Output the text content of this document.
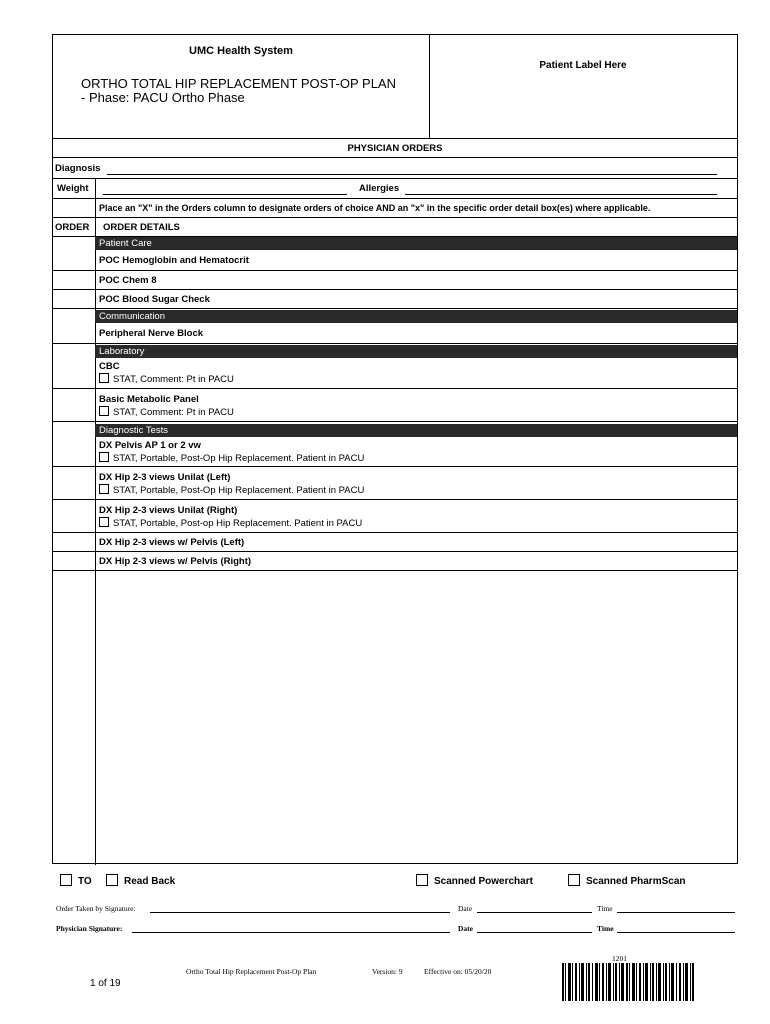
UMC Health System
ORTHO TOTAL HIP REPLACEMENT POST-OP PLAN
- Phase: PACU Ortho Phase
Patient Label Here
PHYSICIAN ORDERS
Diagnosis
Weight	Allergies
Place an "X" in the Orders column to designate orders of choice AND an "x" in the specific order detail box(es) where applicable.
ORDER ORDER DETAILS
Patient Care
POC Hemoglobin and Hematocrit
POC Chem 8
POC Blood Sugar Check
Communication
Peripheral Nerve Block
Laboratory
CBC
STAT, Comment: Pt in PACU
Basic Metabolic Panel
STAT, Comment: Pt in PACU
Diagnostic Tests
DX Pelvis AP 1 or 2 vw
STAT, Portable, Post-Op Hip Replacement. Patient in PACU
DX Hip 2-3 views Unilat (Left)
STAT, Portable, Post-Op Hip Replacement. Patient in PACU
DX Hip 2-3 views Unilat (Right)
STAT, Portable, Post-op Hip Replacement. Patient in PACU
DX Hip 2-3 views w/ Pelvis (Left)
DX Hip 2-3 views w/ Pelvis (Right)
TO	Read Back	Scanned Powerchart	Scanned PharmScan
Order Taken by Signature:	Date	Time
Physician Signature:	Date	Time
Ortho Total Hip Replacement Post-Op Plan	Version: 9	Effective on: 05/20/20
1 of 19
1201
